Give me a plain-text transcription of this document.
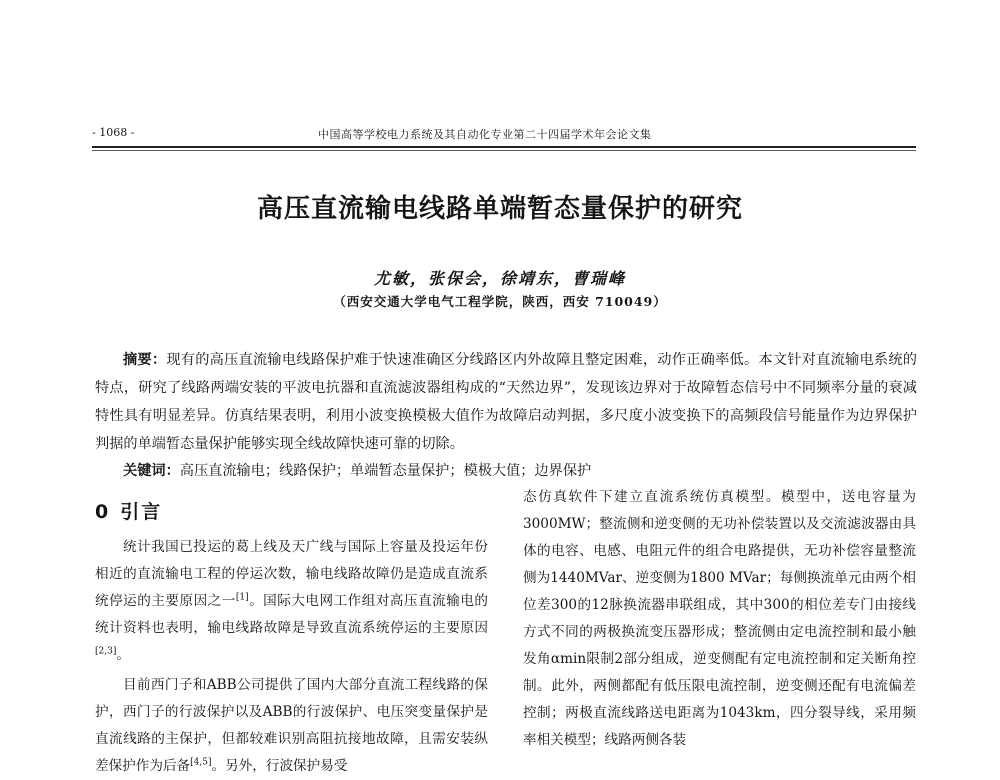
- 1068 -	中国高等学校电力系统及其自动化专业第二十四届学术年会论文集
高压直流输电线路单端暂态量保护的研究
尤敏，张保会，徐靖东，曹瑞峰
（西安交通大学电气工程学院，陕西，西安 710049）

摘要：现有的高压直流输电线路保护难于快速准确区分线路区内外故障且整定困难，动作正确率低。本文针对直流输电系统的特点，研究了线路两端安装的平波电抗器和直流滤波器组构成的“天然边界”，发现该边界对于故障暂态信号中不同频率分量的衰减特性具有明显差异。仿真结果表明，利用小波变换模极大值作为故障启动判据，多尺度小波变换下的高频段信号能量作为边界保护判据的单端暂态量保护能够实现全线故障快速可靠的切除。

关键词：高压直流输电；线路保护；单端暂态量保护；模极大值；边界保护

0 引言

统计我国已投运的葛上线及天广线与国际上容量及投运年份相近的直流输电工程的停运次数，输电线路故障仍是造成直流系统停运的主要原因之一[1]。国际大电网工作组对高压直流输电的统计资料也表明，输电线路故障是导致直流系统停运的主要原因[2,3]。

目前西门子和ABB公司提供了国内大部分直流工程线路的保护，西门子的行波保护以及ABB的行波保护、电压突变量保护是直流线路的主保护，但都较难识别高阻抗接地故障，且需安装纵差保护作为后备[4,5]。另外，行波保护易受

态仿真软件下建立直流系统仿真模型。模型中，送电容量为3000MW；整流侧和逆变侧的无功补偿装置以及交流滤波器由具体的电容、电感、电阻元件的组合电路提供，无功补偿容量整流侧为1440MVar、逆变侧为1800 MVar；每侧换流单元由两个相位差300的12脉换流器串联组成，其中300的相位差专门由接线方式不同的两极换流变压器形成；整流侧由定电流控制和最小触发角αmin限制2部分组成，逆变侧配有定电流控制和定关断角控制。此外，两侧都配有低压限电流控制，逆变侧还配有电流偏差控制；两极直流线路送电距离为1043km，四分裂导线，采用频率相关模型；线路两侧各装
